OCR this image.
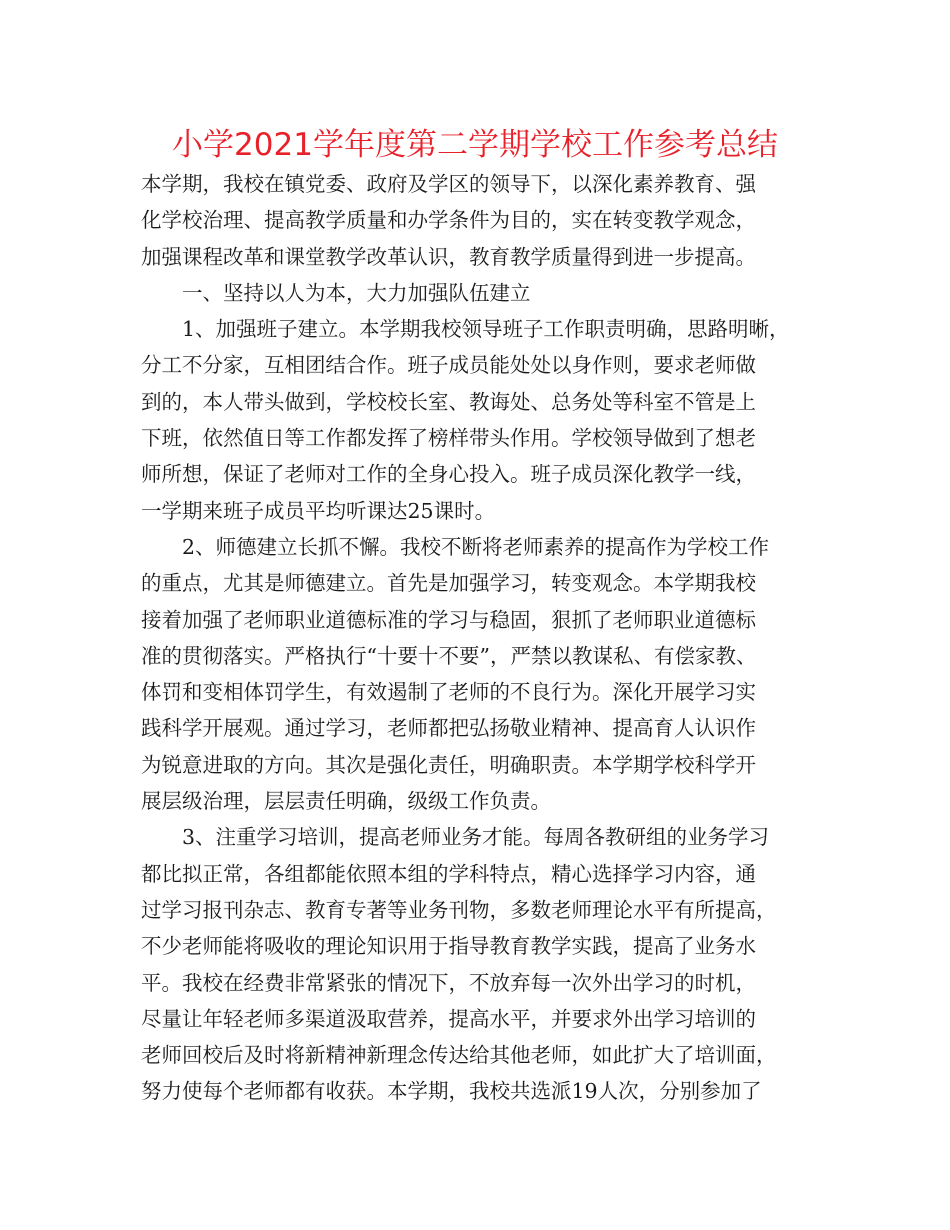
小学2021学年度第二学期学校工作参考总结
本学期，我校在镇党委、政府及学区的领导下，以深化素养教育、强
化学校治理、提高教学质量和办学条件为目的，实在转变教学观念，
加强课程改革和课堂教学改革认识，教育教学质量得到进一步提高。
一、坚持以人为本，大力加强队伍建立
1、加强班子建立。本学期我校领导班子工作职责明确，思路明晰，
分工不分家，互相团结合作。班子成员能处处以身作则，要求老师做
到的，本人带头做到，学校校长室、教诲处、总务处等科室不管是上
下班，依然值日等工作都发挥了榜样带头作用。学校领导做到了想老
师所想，保证了老师对工作的全身心投入。班子成员深化教学一线，
一学期来班子成员平均听课达25课时。
2、师德建立长抓不懈。我校不断将老师素养的提高作为学校工作
的重点，尤其是师德建立。首先是加强学习，转变观念。本学期我校
接着加强了老师职业道德标准的学习与稳固，狠抓了老师职业道德标
准的贯彻落实。严格执行“十要十不要”，严禁以教谋私、有偿家教、
体罚和变相体罚学生，有效遏制了老师的不良行为。深化开展学习实
践科学开展观。通过学习，老师都把弘扬敬业精神、提高育人认识作
为锐意进取的方向。其次是强化责任，明确职责。本学期学校科学开
展层级治理，层层责任明确，级级工作负责。
3、注重学习培训，提高老师业务才能。每周各教研组的业务学习
都比拟正常，各组都能依照本组的学科特点，精心选择学习内容，通
过学习报刊杂志、教育专著等业务刊物，多数老师理论水平有所提高，
不少老师能将吸收的理论知识用于指导教育教学实践，提高了业务水
平。我校在经费非常紧张的情况下，不放弃每一次外出学习的时机，
尽量让年轻老师多渠道汲取营养，提高水平，并要求外出学习培训的
老师回校后及时将新精神新理念传达给其他老师，如此扩大了培训面，
努力使每个老师都有收获。本学期，我校共选派19人次，分别参加了
